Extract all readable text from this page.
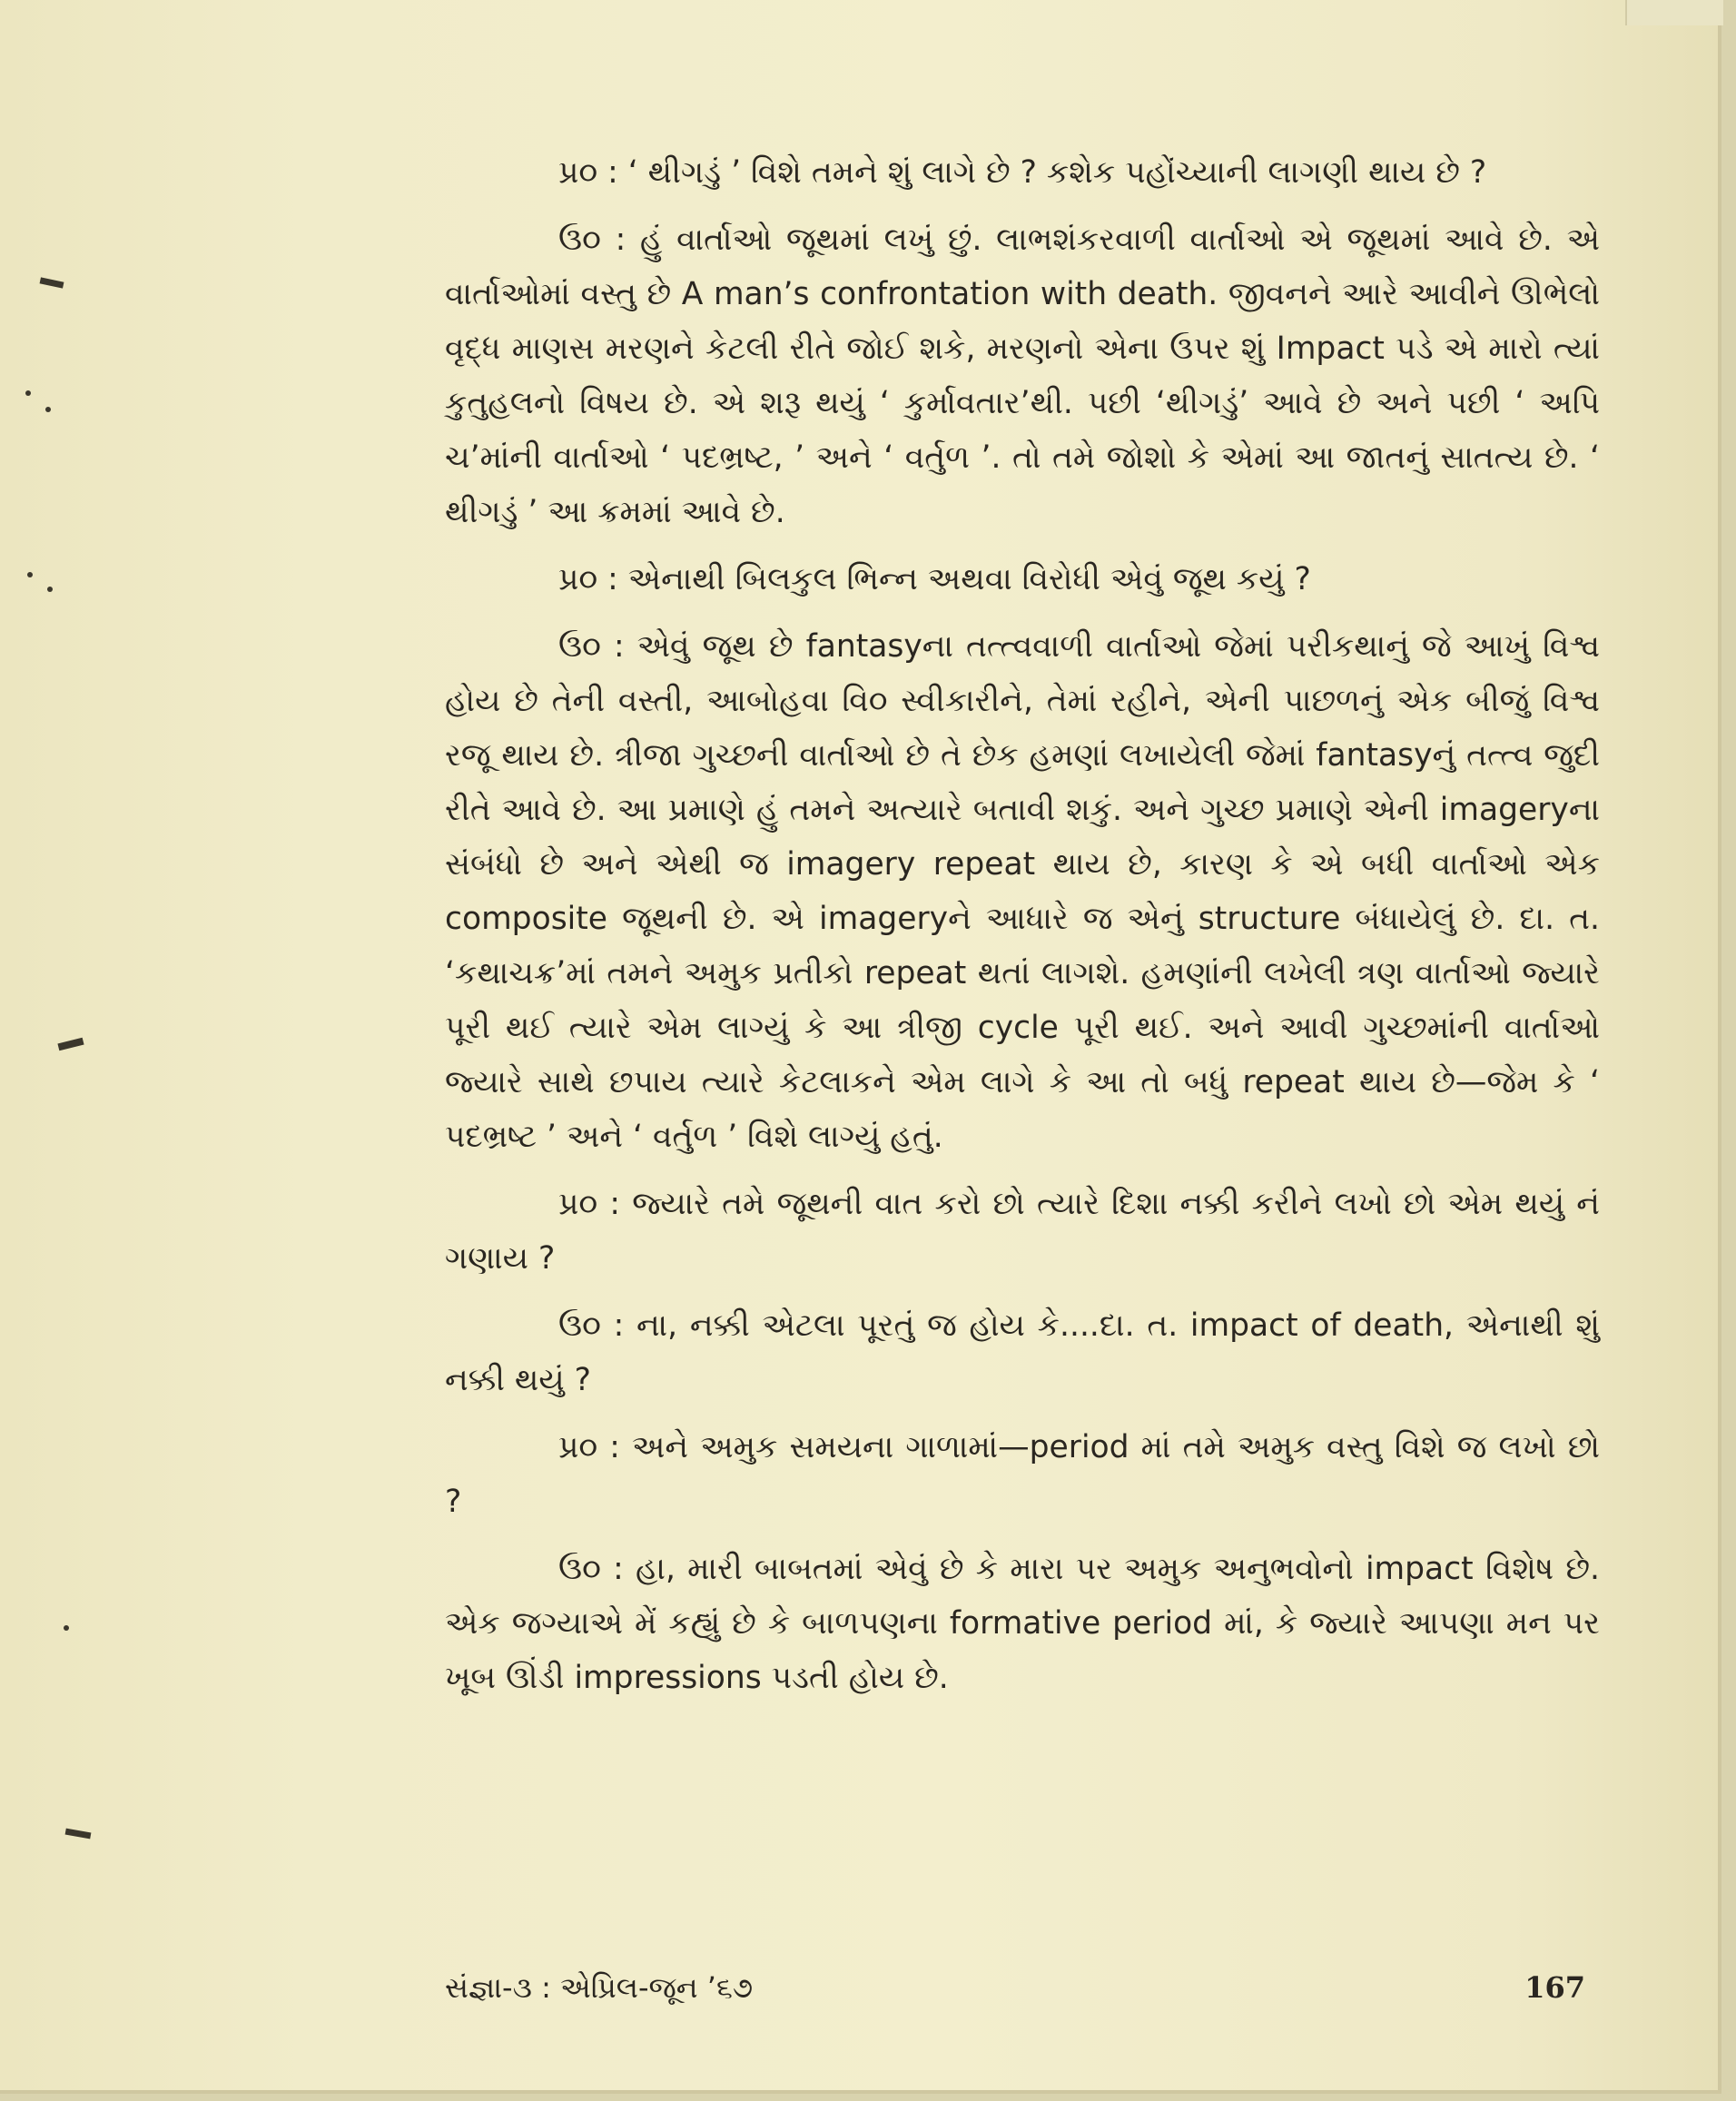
પ્ર૦ : ‘ થીગડું ’ વિશે તમને શું લાગે છે ? કશેક પહોંચ્યાની લાગણી થાય છે ?

ઉ૦ : હું વાર્તાઓ જૂથમાં લખું છું. લાભશંકરવાળી વાર્તાઓ એ જૂથમાં આવે છે. એ વાર્તાઓમાં વસ્તુ છે A man’s confrontation with death. જીવનને આરે આવીને ઊભેલો વૃદ્ધ માણસ મરણને કેટલી રીતે જોઈ શકે, મરણનો એના ઉપર શું Impact પડે એ મારો ત્યાં કુતુહલનો વિષય છે. એ શરૂ થયું ‘ કુર્માવતાર’થી. પછી ‘થીગડું’ આવે છે અને પછી ‘ અપિ ચ’માંની વાર્તાઓ ‘ પદભ્રષ્ટ, ’ અને ‘ વર્તુળ ’. તો તમે જોશો કે એમાં આ જાતનું સાતત્ય છે. ‘ થીગડું ’ આ ક્રમમાં આવે છે.

પ્ર૦ : એનાથી બિલકુલ ભિન્ન અથવા વિરોધી એવું જૂથ કયું ?

ઉ૦ : એવું જૂથ છે fantasyના તત્ત્વવાળી વાર્તાઓ જેમાં પરીકથાનું જે આખું વિશ્વ હોય છે તેની વસ્તી, આબોહવા વિ૦ સ્વીકારીને, તેમાં રહીને, એની પાછળનું એક બીજું વિશ્વ રજૂ થાય છે. ત્રીજા ગુચ્છની વાર્તાઓ છે તે છેક હમણાં લખાયેલી જેમાં fantasyનું તત્ત્વ જુદી રીતે આવે છે. આ પ્રમાણે હું તમને અત્યારે બતાવી શકું. અને ગુચ્છ પ્રમાણે એની imageryના સંબંધો છે અને એથી જ imagery repeat થાય છે, કારણ કે એ બધી વાર્તાઓ એક composite જૂથની છે. એ imageryને આધારે જ એનું structure બંધાયેલું છે. દા. ત. ‘કથાચક્ર’માં તમને અમુક પ્રતીકો repeat થતાં લાગશે. હમણાંની લખેલી ત્રણ વાર્તાઓ જ્યારે પૂરી થઈ ત્યારે એમ લાગ્યું કે આ ત્રીજી cycle પૂરી થઈ. અને આવી ગુચ્છમાંની વાર્તાઓ જ્યારે સાથે છપાય ત્યારે કેટલાકને એમ લાગે કે આ તો બધું repeat થાય છે—જેમ કે ‘ પદભ્રષ્ટ ’ અને ‘ વર્તુળ ’ વિશે લાગ્યું હતું.

પ્ર૦ : જ્યારે તમે જૂથની વાત કરો છો ત્યારે દિશા નક્કી કરીને લખો છો એમ થયું નં ગણાય ?

ઉ૦ : ના, નક્કી એટલા પૂરતું જ હોય કે....દા. ત. impact of death, એનાથી શું નક્કી થયું ?

પ્ર૦ : અને અમુક સમયના ગાળામાં—period માં તમે અમુક વસ્તુ વિશે જ લખો છો ?

ઉ૦ : હા, મારી બાબતમાં એવું છે કે મારા પર અમુક અનુભવોનો impact વિશેષ છે. એક જગ્યાએ મેં કહ્યું છે કે બાળપણના formative period માં, કે જ્યારે આપણા મન પર ખૂબ ઊંડી impressions પડતી હોય છે.

સંજ્ઞા-૩ : એપ્રિલ-જૂન ’૬૭	167
